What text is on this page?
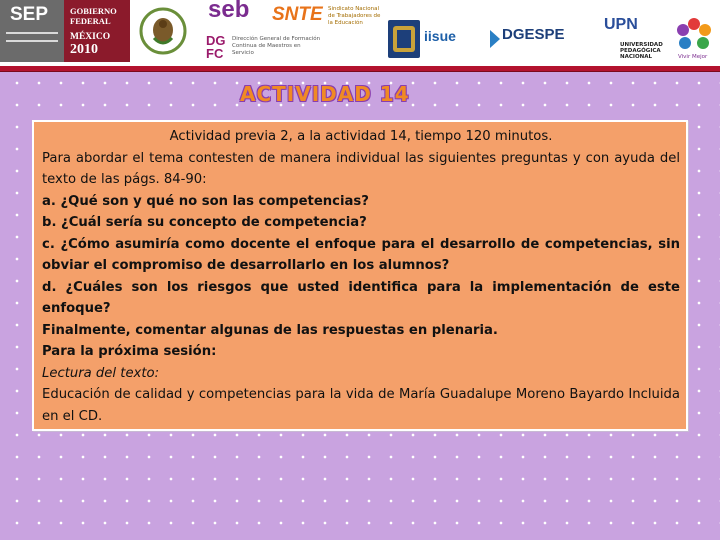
SEP	GOBIERNO
FEDERAL
MÉXICO
2010
seb SNTE Sindicato Nacional de Trabajadores de la Educación
DG FC
Dirección General de Formación Continua de Maestros en Servicio
iisue	DGESPE
UPN
UNIVERSIDAD PEDAGÓGICA NACIONAL	Vivir Mejor
ACTIVIDAD 14

Actividad previa 2, a la actividad 14, tiempo 120 minutos.

Para abordar el tema contesten de manera individual las siguientes preguntas y con ayuda del texto de las págs. 84-90:

a. ¿Qué son y qué no son las competencias?

b. ¿Cuál sería su concepto de competencia?

c. ¿Cómo asumiría como docente el enfoque para el desarrollo de competencias, sin obviar el compromiso de desarrollarlo en los alumnos?

d. ¿Cuáles son los riesgos que usted identifica para la implementación de este enfoque?

Finalmente, comentar algunas de las respuestas en plenaria.

Para la próxima sesión:

Lectura del texto:

Educación de calidad y competencias para la vida de María Guadalupe Moreno Bayardo Incluida en el CD.
